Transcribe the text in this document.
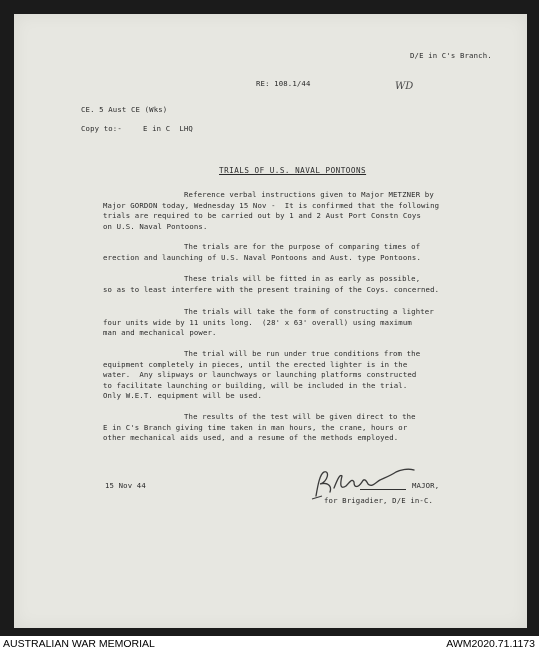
D/E in C's Branch.
WD
RE: 108.1/44
CE. 5 Aust CE (Wks)
Copy to:-	E in C  LHQ
TRIALS OF U.S. NAVAL PONTOONS
Reference verbal instructions given to Major METZNER by
Major GORDON today, Wednesday 15 Nov -  It is confirmed that the following
trials are required to be carried out by 1 and 2 Aust Port Constn Coys
on U.S. Naval Pontoons.
The trials are for the purpose of comparing times of
erection and launching of U.S. Naval Pontoons and Aust. type Pontoons.
These trials will be fitted in as early as possible,
so as to least interfere with the present training of the Coys. concerned.
The trials will take the form of constructing a lighter
four units wide by 11 units long.  (28' x 63' overall) using maximum
man and mechanical power.
The trial will be run under true conditions from the
equipment completely in pieces, until the erected lighter is in the
water.  Any slipways or launchways or launching platforms constructed
to facilitate launching or building, will be included in the trial.
Only W.E.T. equipment will be used.
The results of the test will be given direct to the
E in C's Branch giving time taken in man hours, the crane, hours or
other mechanical aids used, and a resume of the methods employed.
15 Nov 44	MAJOR,
for Brigadier, D/E in-C.
AUSTRALIAN WAR MEMORIAL	AWM2020.71.1173
